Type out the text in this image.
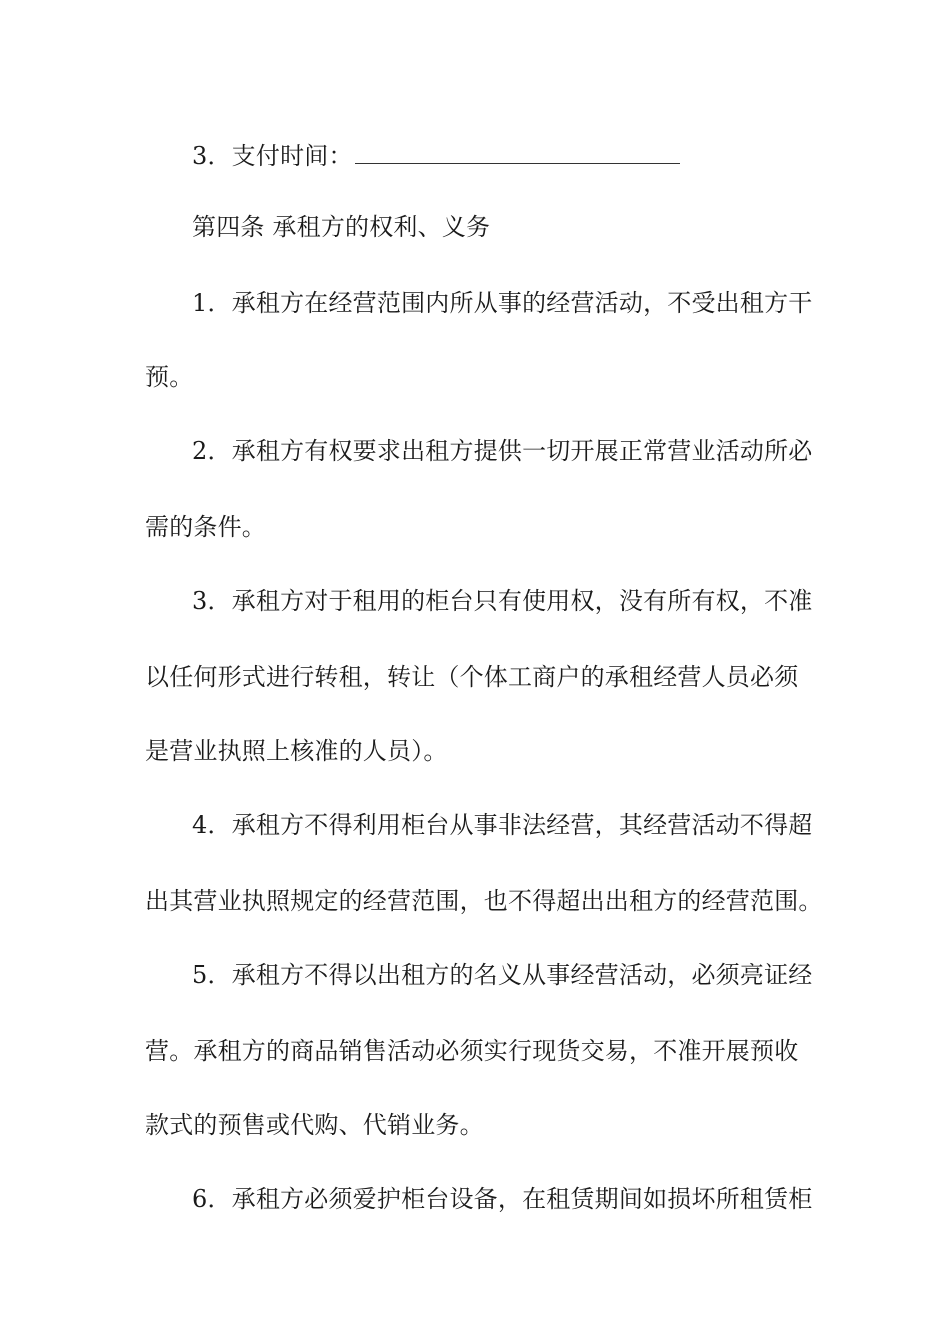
3．支付时间：
第四条 承租方的权利、义务
1．承租方在经营范围内所从事的经营活动，不受出租方干
预。
2．承租方有权要求出租方提供一切开展正常营业活动所必
需的条件。
3．承租方对于租用的柜台只有使用权，没有所有权，不准
以任何形式进行转租，转让（个体工商户的承租经营人员必须
是营业执照上核准的人员）。
4．承租方不得利用柜台从事非法经营，其经营活动不得超
出其营业执照规定的经营范围，也不得超出出租方的经营范围。
5．承租方不得以出租方的名义从事经营活动，必须亮证经
营。承租方的商品销售活动必须实行现货交易，不准开展预收
款式的预售或代购、代销业务。
6．承租方必须爱护柜台设备，在租赁期间如损坏所租赁柜
